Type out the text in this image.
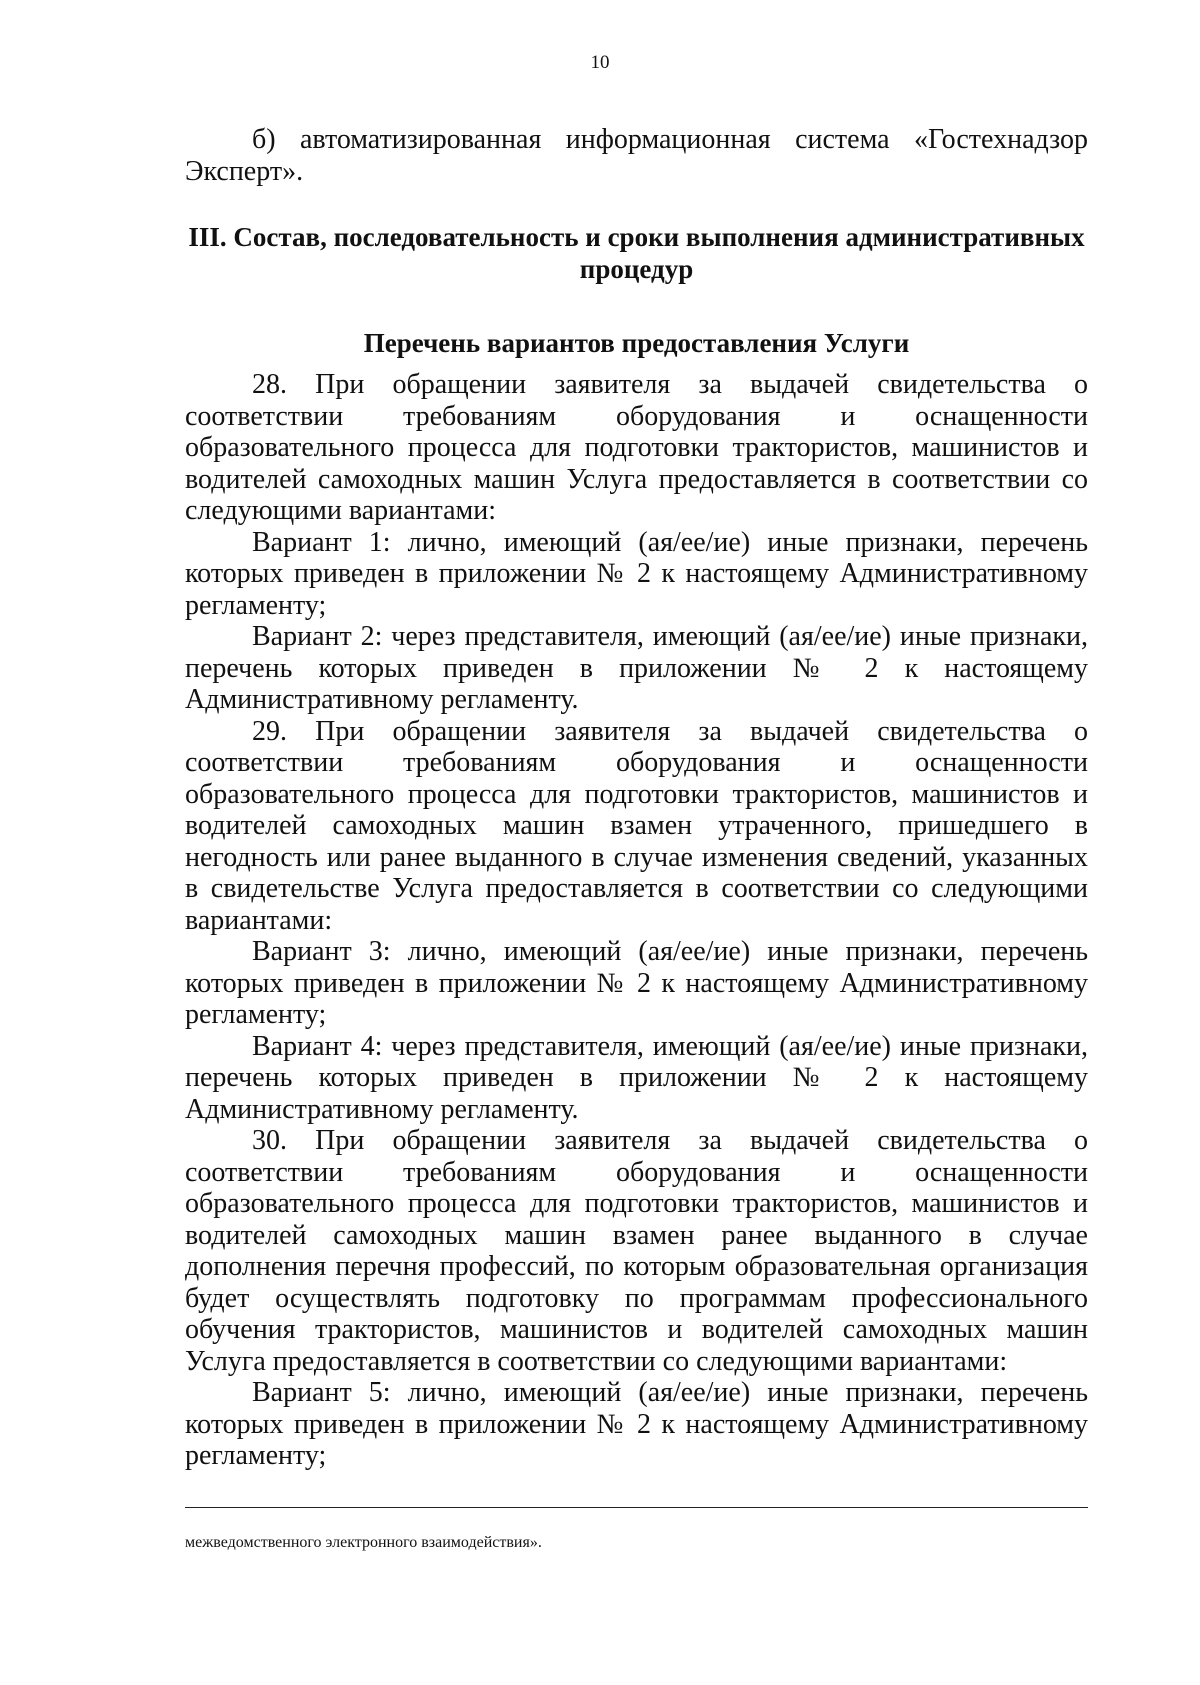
10

б) автоматизированная информационная система «Гостехнадзор Эксперт».

III. Состав, последовательность и сроки выполнения административных процедур
Перечень вариантов предоставления Услуги

28. При обращении заявителя за выдачей свидетельства о соответствии требованиям оборудования и оснащенности образовательного процесса для подготовки трактористов, машинистов и водителей самоходных машин Услуга предоставляется в соответствии со следующими вариантами:

Вариант 1: лично, имеющий (ая/ее/ие) иные признаки, перечень которых приведен в приложении № 2 к настоящему Административному регламенту;

Вариант 2: через представителя, имеющий (ая/ее/ие) иные признаки, перечень которых приведен в приложении № 2 к настоящему Административному регламенту.

29. При обращении заявителя за выдачей свидетельства о соответствии требованиям оборудования и оснащенности образовательного процесса для подготовки трактористов, машинистов и водителей самоходных машин взамен утраченного, пришедшего в негодность или ранее выданного в случае изменения сведений, указанных в свидетельстве Услуга предоставляется в соответствии со следующими вариантами:

Вариант 3: лично, имеющий (ая/ее/ие) иные признаки, перечень которых приведен в приложении № 2 к настоящему Административному регламенту;

Вариант 4: через представителя, имеющий (ая/ее/ие) иные признаки, перечень которых приведен в приложении № 2 к настоящему Административному регламенту.

30. При обращении заявителя за выдачей свидетельства о соответствии требованиям оборудования и оснащенности образовательного процесса для подготовки трактористов, машинистов и водителей самоходных машин взамен ранее выданного в случае дополнения перечня профессий, по которым образовательная организация будет осуществлять подготовку по программам профессионального обучения трактористов, машинистов и водителей самоходных машин Услуга предоставляется в соответствии со следующими вариантами:

Вариант 5: лично, имеющий (ая/ее/ие) иные признаки, перечень которых приведен в приложении № 2 к настоящему Административному регламенту;

межведомственного электронного взаимодействия».
